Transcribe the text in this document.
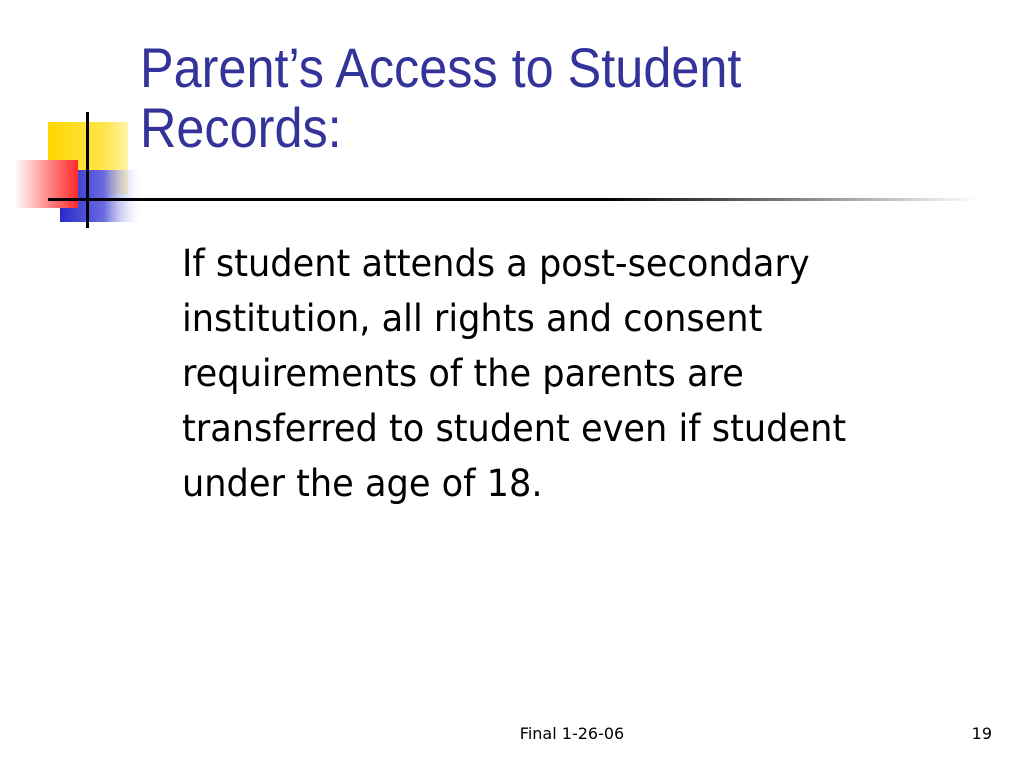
Parent’s Access to Student Records:

If student attends a post-secondary institution, all rights and consent requirements of the parents are transferred to student even if student under the age of 18.

Final 1-26-06	19
